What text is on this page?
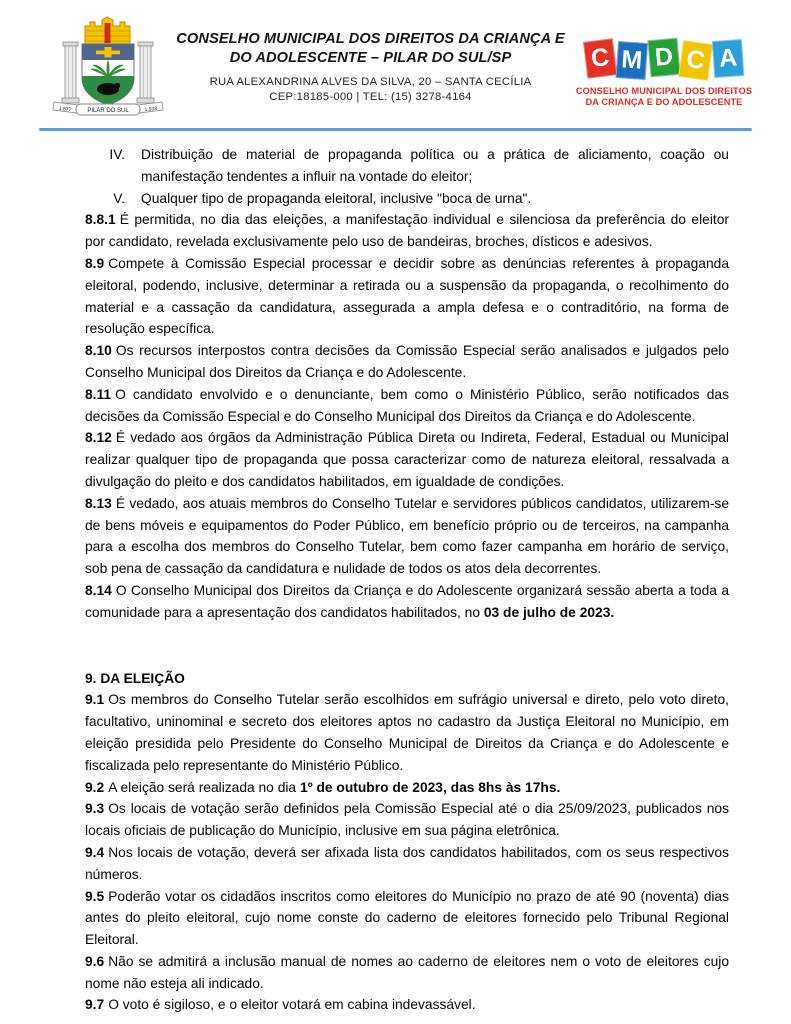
1.877	1.938
PILAR DO SUL
CONSELHO MUNICIPAL DOS DIREITOS DA CRIANÇA E
DO ADOLESCENTE – PILAR DO SUL/SP
RUA ALEXANDRINA ALVES DA SILVA, 20 – SANTA CECÍLIA
CEP:18185-000 | TEL: (15) 3278-4164
C M D C A
CONSELHO MUNICIPAL DOS DIREITOS
DA CRIANÇA E DO ADOLESCENTE
IV. Distribuição de material de propaganda política ou a prática de aliciamento, coação ou manifestação tendentes a influir na vontade do eleitor;
V. Qualquer tipo de propaganda eleitoral, inclusive "boca de urna".

8.8.1 É permitida, no dia das eleições, a manifestação individual e silenciosa da preferência do eleitor por candidato, revelada exclusivamente pelo uso de bandeiras, broches, dísticos e adesivos.

8.9 Compete à Comissão Especial processar e decidir sobre as denúncias referentes à propaganda eleitoral, podendo, inclusive, determinar a retirada ou a suspensão da propaganda, o recolhimento do material e a cassação da candidatura, assegurada a ampla defesa e o contraditório, na forma de resolução específica.

8.10 Os recursos interpostos contra decisões da Comissão Especial serão analisados e julgados pelo Conselho Municipal dos Direitos da Criança e do Adolescente.

8.11 O candidato envolvido e o denunciante, bem como o Ministério Público, serão notificados das decisões da Comissão Especial e do Conselho Municipal dos Direitos da Criança e do Adolescente.

8.12 É vedado aos órgãos da Administração Pública Direta ou Indireta, Federal, Estadual ou Municipal realizar qualquer tipo de propaganda que possa caracterizar como de natureza eleitoral, ressalvada a divulgação do pleito e dos candidatos habilitados, em igualdade de condições.

8.13 É vedado, aos atuais membros do Conselho Tutelar e servidores públicos candidatos, utilizarem-se de bens móveis e equipamentos do Poder Público, em benefício próprio ou de terceiros, na campanha para a escolha dos membros do Conselho Tutelar, bem como fazer campanha em horário de serviço, sob pena de cassação da candidatura e nulidade de todos os atos dela decorrentes.

8.14 O Conselho Municipal dos Direitos da Criança e do Adolescente organizará sessão aberta a toda a comunidade para a apresentação dos candidatos habilitados, no 03 de julho de 2023.

9. DA ELEIÇÃO

9.1 Os membros do Conselho Tutelar serão escolhidos em sufrágio universal e direto, pelo voto direto, facultativo, uninominal e secreto dos eleitores aptos no cadastro da Justiça Eleitoral no Município, em eleição presidida pelo Presidente do Conselho Municipal de Direitos da Criança e do Adolescente e fiscalizada pelo representante do Ministério Público.

9.2 A eleição será realizada no dia 1º de outubro de 2023, das 8hs às 17hs.

9.3 Os locais de votação serão definidos pela Comissão Especial até o dia 25/09/2023, publicados nos locais oficiais de publicação do Município, inclusive em sua página eletrônica.

9.4 Nos locais de votação, deverá ser afixada lista dos candidatos habilitados, com os seus respectivos números.

9.5 Poderão votar os cidadãos inscritos como eleitores do Município no prazo de até 90 (noventa) dias antes do pleito eleitoral, cujo nome conste do caderno de eleitores fornecido pelo Tribunal Regional Eleitoral.

9.6 Não se admitirá a inclusão manual de nomes ao caderno de eleitores nem o voto de eleitores cujo nome não esteja ali indicado.

9.7 O voto é sigiloso, e o eleitor votará em cabina indevassável.
